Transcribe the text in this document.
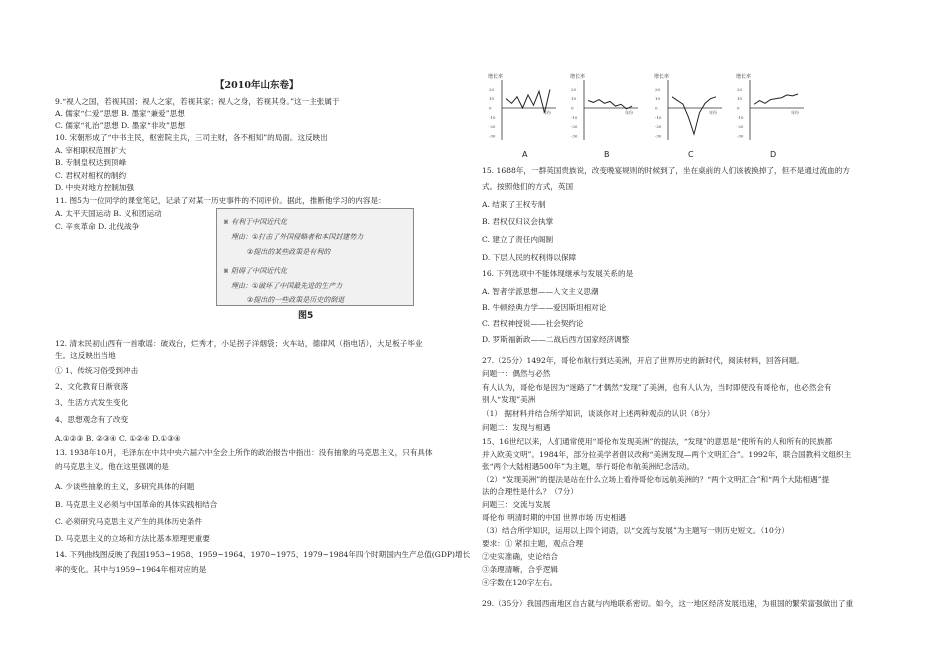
【2010年山东卷】
9.“视人之国，若视其国；视人之家，若视其家；视人之身，若视其身。”这一主张属于
A. 儒家“仁爱”思想 B. 墨家“兼爱”思想
C. 儒家“礼治”思想 D. 墨家“非攻”思想
10. 宋朝形成了“中书主民，枢密院主兵，三司主财，各不相知”的局面。这反映出
A. 宰相职权范围扩大
B. 专制皇权达到顶峰
C. 君权对相权的制约
D. 中央对地方控制加强
11. 图5为一位同学的课堂笔记，记录了对某一历史事件的不同评价。据此，推断他学习的内容是：
A. 太平天国运动 B. 义和团运动
C. 辛亥革命 D. 北伐战争
12. 清末民初山西有一首歌谣：破戏台，烂秀才，小足拐子洋烟袋；火车站，德律风（指电话），大足板子毕业
生。这反映出当地
① 1、传统习俗受到冲击
2、文化教育日渐衰落
3、生活方式发生变化
4、思想观念有了改变
A.①②③ B. ②③④ C. ①②④ D.①③④
13. 1938年10月，毛泽东在中共中央六届六中全会上所作的政治报告中指出：没有抽象的马克思主义，只有具体
的马克思主义。他在这里强调的是
A. 少谈些抽象的主义，多研究具体的问题
B. 马克思主义必须与中国革命的具体实践相结合
C. 必须研究马克思主义产生的具体历史条件
D. 马克思主义的立场和方法比基本原理更重要
14. 下列曲线图反映了我国1953~1958、1959~1964、1970~1975、1979~1984年四个时期国内生产总值(GDP)增长
率的变化。其中与1959~1964年相对应的是
15. 1688年，一群英国贵族说，改变晚宴规则的时候到了，坐在桌前的人们该被换掉了，但不是通过流血的方
式。按照他们的方式，英国
A. 结束了王权专制
B. 君权仅归议会执掌
C. 建立了责任内阁制
D. 下层人民的权利得以保障
16. 下列选项中不能体现继承与发展关系的是
A. 智者学派思想——人文主义思潮
B. 牛顿经典力学——爱因斯坦相对论
C. 君权神授说——社会契约论
D. 罗斯福新政——二战后西方国家经济调整
27.（25分）1492年，哥伦布航行到达美洲，开启了世界历史的新时代，阅读材料，回答问题。
问题一：偶然与必然
有人认为，哥伦布是因为“迷路了”才偶然“发现”了美洲，也有人认为，当时即使没有哥伦布，也必然会有
别人“发现”美洲
（1） 据材料并结合所学知识，谈谈你对上述两种观点的认识（8分）
问题二：发现与相遇
15、16世纪以来，人们通常使用“哥伦布发现美洲”的提法，“发现”的意思是“使所有的人和所有的民族都
并入欧美文明”。1984年，部分拉美学者倡议改称“美洲发现—两个文明汇合”。1992年，联合国教科文组织主
张“两个大陆相遇500年”为主题，举行哥伦布航美洲纪念活动。
（2）“发现美洲”的提法是站在什么立场上看待哥伦布远航美洲的？“两个文明汇合”和“两个大陆相遇”提
法的合理性是什么？（7分）
问题三：交流与发展
哥伦布 明清时期的中国 世界市场 历史相遇
（3）结合所学知识，运用以上四个词语，以“交流与发展”为主题写一则历史短文。（10分）
要求：① 紧扣主题，观点合理
②史实准确，史论结合
③条理清晰，合乎逻辑
④字数在120字左右。
29.（35分）我国西南地区自古就与内地联系密切。如今，这一地区经济发展迅速，为祖国的繁荣富强做出了重
※ 有利于中国近代化
理由：①打击了外国侵略者和本国封建势力
②提出的某些政策是有利的
※ 阻碍了中国近代化
理由：①破坏了中国最先进的生产力
②提出的一些政策是历史的倒退
图5
增长率
20
10
0
-10
-20
-30
年份
A
增长率
20
10
0
-10
-20
-30
年份
B
增长率
20
10
0
-10
-20
-30
年份
C
增长率
20
10
0
-10
-20
-30
年份
D
